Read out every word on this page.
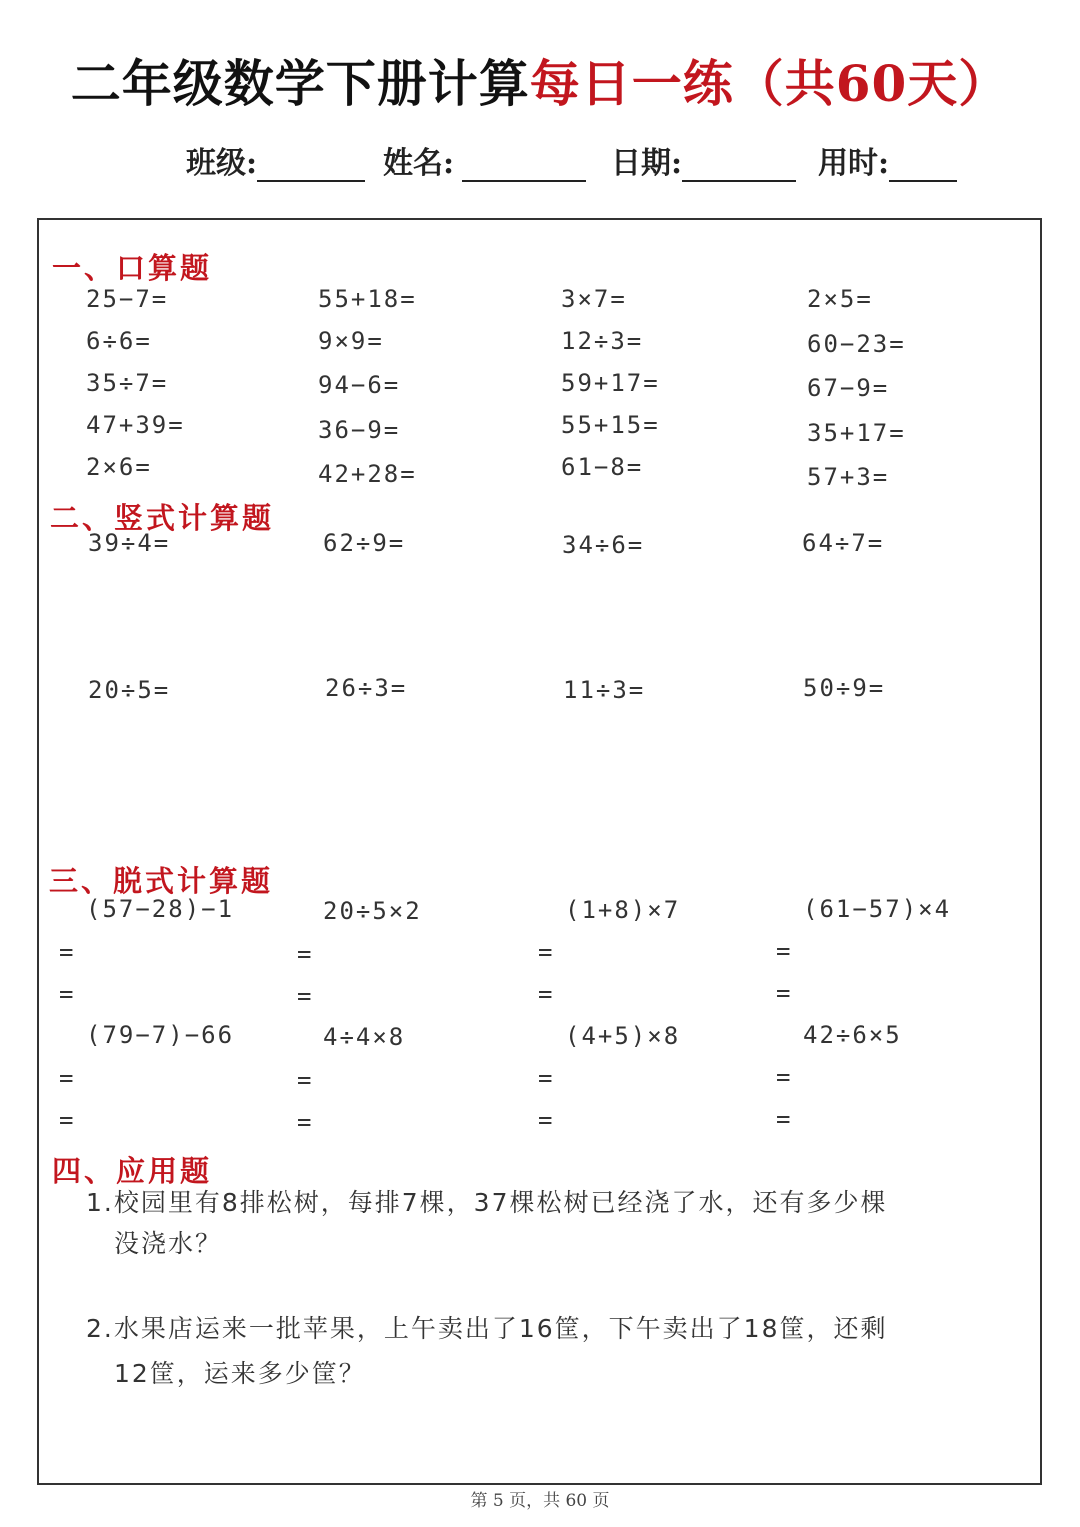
二年级数学下册计算每日一练（共60天）
班级:	姓名:	日期:	用时:
一、口算题
25−7=	55+18=	3×7=	2×5=
6÷6=	9×9=	12÷3=	60−23=
35÷7=	94−6=	59+17=	67−9=
47+39=	36−9=	55+15=	35+17=
2×6=	42+28=	61−8=	57+3=
二、竖式计算题
39÷4=	62÷9=	34÷6=	64÷7=
20÷5=	26÷3=	11÷3=	50÷9=
三、脱式计算题
(57−28)−1	20÷5×2	(1+8)×7	(61−57)×4
=	=	=	=
=	=	=	=
(79−7)−66	4÷4×8	(4+5)×8	42÷6×5
=	=	=	=
=	=	=	=
四、应用题
1.校园里有8排松树，每排7棵，37棵松树已经浇了水，还有多少棵
没浇水？
2.水果店运来一批苹果，上午卖出了16筐，下午卖出了18筐，还剩
12筐，运来多少筐？
第 5 页，共 60 页
